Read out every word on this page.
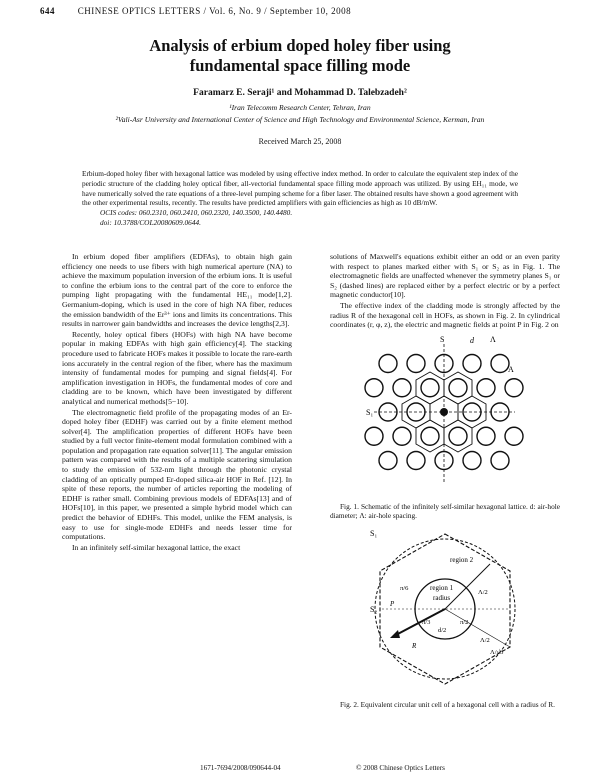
644	CHINESE OPTICS LETTERS / Vol. 6, No. 9 / September 10, 2008
Analysis of erbium doped holey fiber using
fundamental space filling mode
Faramarz E. Seraji¹ and Mohammad D. Talebzadeh²
¹Iran Telecomm Research Center, Tehran, Iran
²Vali-Asr University and International Center of Science and High Technology and Environmental Science, Kerman, Iran
Received March 25, 2008
Erbium-doped holey fiber with hexagonal lattice was modeled by using effective index method. In order to calculate the equivalent step index of the periodic structure of the cladding holey optical fiber, all-vectorial fundamental space filling mode approach was utilized. By using EH₁₁ mode, we have numerically solved the rate equations of a three-level pumping scheme for a fiber laser. The obtained results have shown a good agreement with the other experimental results, recently. The results have predicted amplifiers with gain efficiencies as high as 10 dB/mW.

OCIS codes: 060.2310, 060.2410, 060.2320, 140.3500, 140.4480.

doi: 10.3788/COL20080609.0644.

In erbium doped fiber amplifiers (EDFAs), to obtain high gain efficiency one needs to use fibers with high numerical aperture (NA) to achieve the maximum population inversion of the erbium ions. It is useful to confine the erbium ions to the central part of the core to enforce the pumping light propagating with the fundamental HE₁₁ mode[1,2]. Germanium-doping, which is used in the core of high NA fiber, reduces the emission bandwidth of the Er³⁺ ions and limits its concentrations. This results in narrower gain bandwidths and increases the device lengths[2,3].

Recently, holey optical fibers (HOFs) with high NA have become popular in making EDFAs with high gain efficiency[4]. The stacking procedure used to fabricate HOFs makes it possible to locate the rare-earth ions accurately in the central region of the fiber, where has the maximum intensity of fundamental modes for pumping and signal fields[4]. For amplification investigation in HOFs, the fundamental modes of core and cladding are to be known, which have been investigated by different analytical and numerical methods[5−10].

The electromagnetic field profile of the propagating modes of an Er-doped holey fiber (EDHF) was carried out by a finite element method solver[4]. The amplification properties of different HOFs have been studied by a full vector finite-element modal formulation combined with a population and propagation rate equation solver[11]. The angular emission pattern was compared with the results of a multiple scattering simulation to study the emission of 532-nm light through the photonic crystal cladding of an optically pumped Er-doped silica-air HOF in Ref. [12]. In spite of these reports, the number of articles reporting the modeling of EDHF is rather small. Combining previous models of EDFAs[13] and of HOFs[10], in this paper, we presented a simple hybrid model which can predict the behavior of EDHFs. This model, unlike the FEM analysis, is easy to use for single-mode EDHFs and needs lesser time for computations.

In an infinitely self-similar hexagonal lattice, the exact

solutions of Maxwell's equations exhibit either an odd or an even parity with respect to planes marked either with S₁ or S₂ as in Fig. 1. The electromagnetic fields are unaffected whenever the symmetry planes S₁ or S₂ (dashed lines) are replaced either by a perfect electric or by a perfect magnetic conductor[10].

The effective index of the cladding mode is strongly affected by the radius R of the hexagonal cell in HOFs, as shown in Fig. 2. In cylindrical coordinates (r, φ, z), the electric and magnetic fields at point P in Fig. 2 on

S
S₁
d Λ
A

Fig. 1. Schematic of the infinitely self-similar hexagonal lattice. d: air-hole diameter; Λ: air-hole spacing.

S₁
S₂
region 2
region 1
radius
P
π/6
π/3	π/2
d/2
Λ/2
Λ/2
Λ/√3
R

Fig. 2. Equivalent circular unit cell of a hexagonal cell with a radius of R.

1671-7694/2008/090644-04	© 2008 Chinese Optics Letters
